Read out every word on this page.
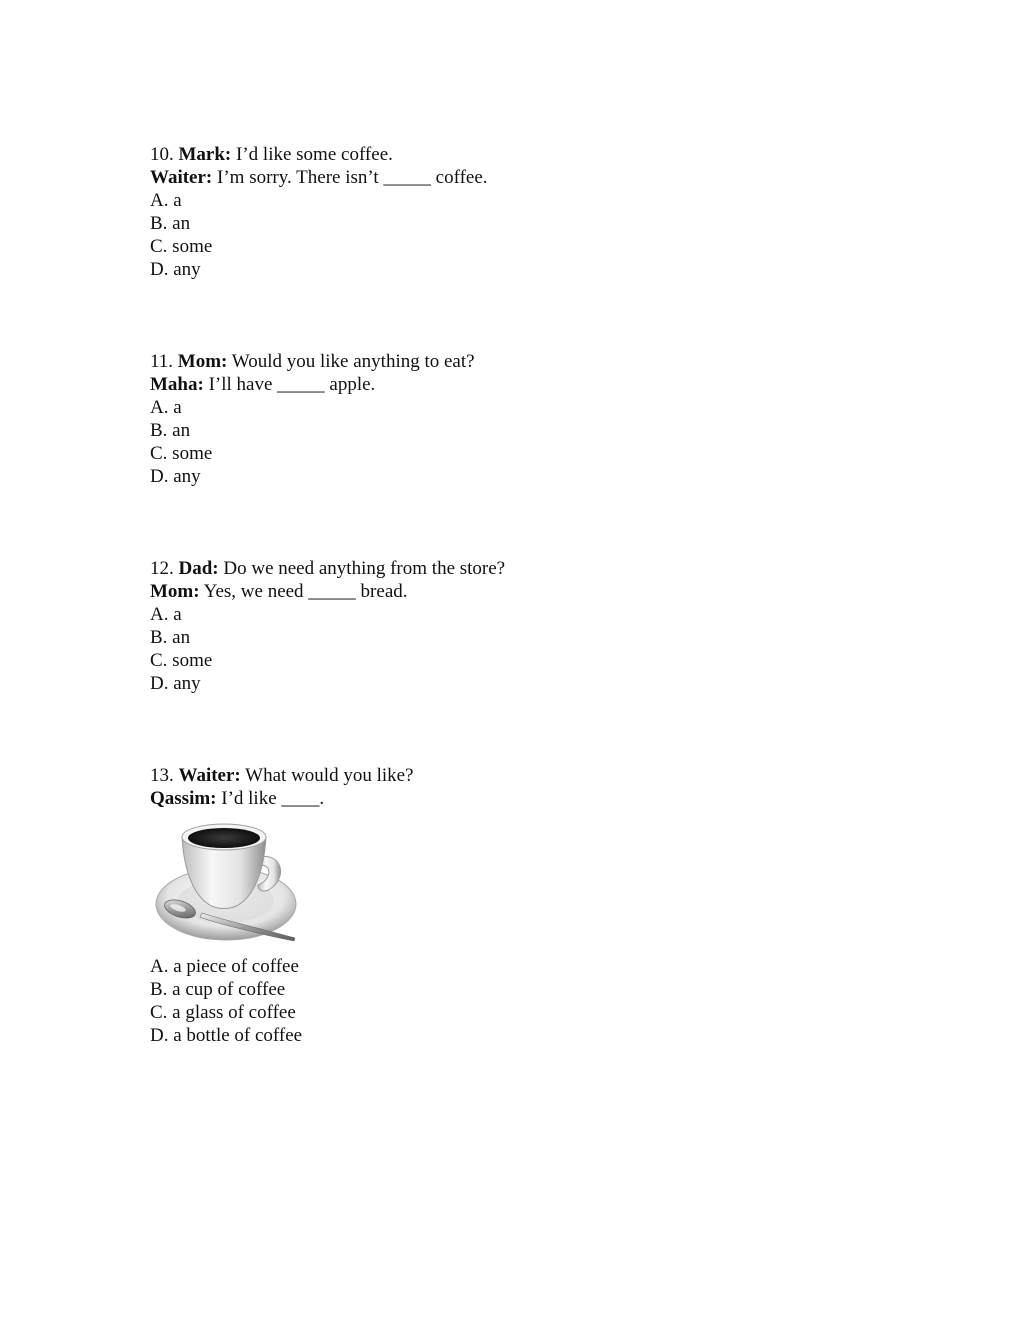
10. Mark: I’d like some coffee.
Waiter: I’m sorry. There isn’t _____ coffee.
A. a
B. an
C. some
D. any
11. Mom: Would you like anything to eat?
Maha: I’ll have _____ apple.
A. a
B. an
C. some
D. any
12. Dad: Do we need anything from the store?
Mom: Yes, we need _____ bread.
A. a
B. an
C. some
D. any
13. Waiter: What would you like?
Qassim: I’d like ____.
A. a piece of coffee
B. a cup of coffee
C. a glass of coffee
D. a bottle of coffee
